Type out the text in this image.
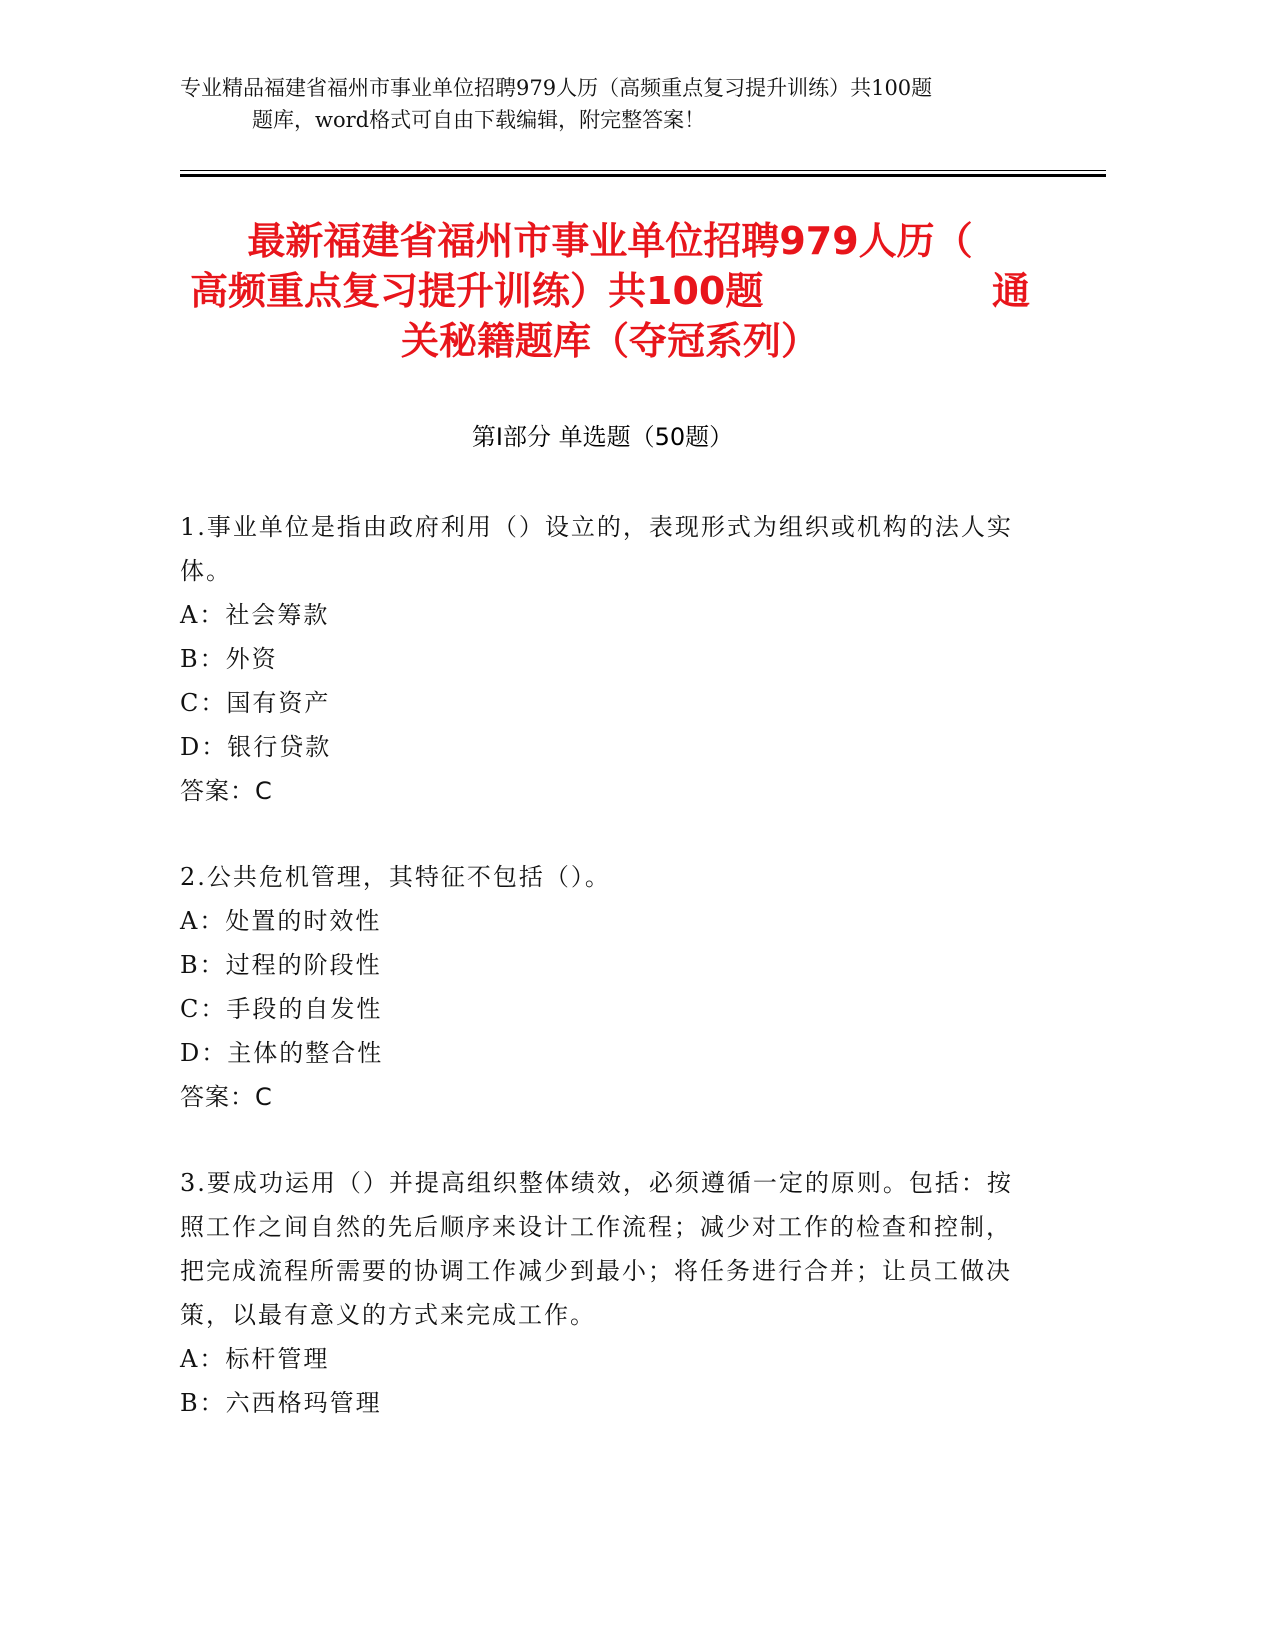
专业精品福建省福州市事业单位招聘979人历（高频重点复习提升训练）共100题
题库，word格式可自由下载编辑，附完整答案！
最新福建省福州市事业单位招聘979人历（
高频重点复习提升训练）共100题	通
关秘籍题库（夺冠系列）
第Ⅰ部分 单选题（50题）
1.事业单位是指由政府利用（）设立的，表现形式为组织或机构的法人实体。
A：社会筹款
B：外资
C：国有资产
D：银行贷款
答案：C
2.公共危机管理，其特征不包括（）。
A：处置的时效性
B：过程的阶段性
C：手段的自发性
D：主体的整合性
答案：C
3.要成功运用（）并提高组织整体绩效，必须遵循一定的原则。包括：按照工作之间自然的先后顺序来设计工作流程；减少对工作的检查和控制，把完成流程所需要的协调工作减少到最小；将任务进行合并；让员工做决策，以最有意义的方式来完成工作。
A：标杆管理
B：六西格玛管理
